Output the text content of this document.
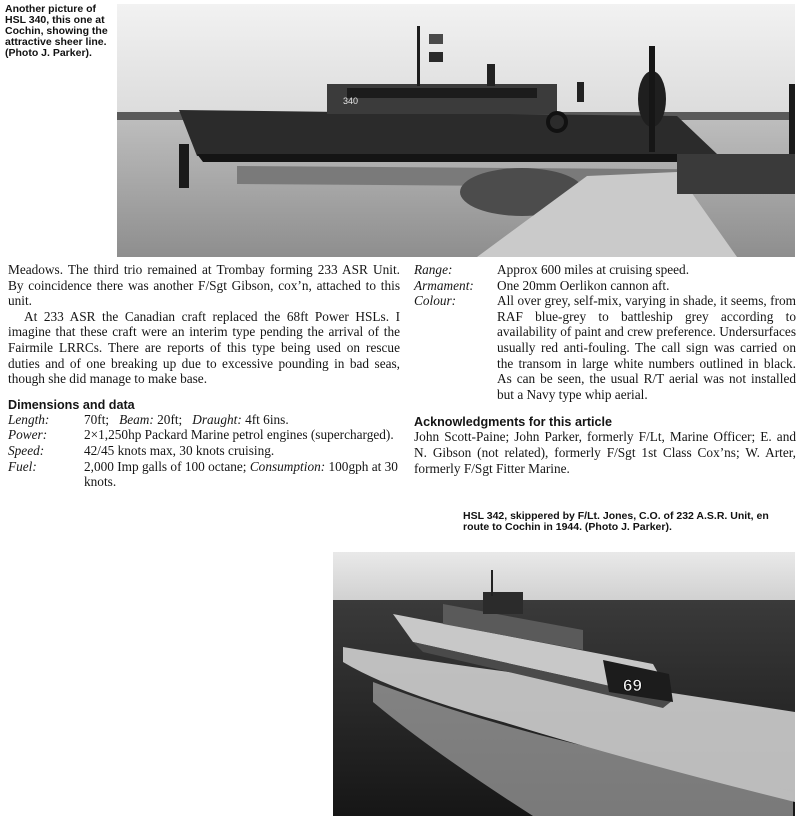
Another picture of HSL 340, this one at Cochin, showing the attractive sheer line. (Photo J. Parker).
340

Meadows. The third trio remained at Trombay forming 233 ASR Unit. By coincidence there was another F/Sgt Gibson, cox’n, attached to this unit.

At 233 ASR the Canadian craft replaced the 68ft Power HSLs. I imagine that these craft were an interim type pending the arrival of the Fairmile LRRCs. There are reports of this type being used on rescue duties and of one breaking up due to excessive pounding in bad seas, though she did manage to make base.

Dimensions and data
Length:	70ft; Beam: 20ft; Draught: 4ft 6ins.
Power:	2×1,250hp Packard Marine petrol engines (supercharged).
Speed:	42/45 knots max, 30 knots cruising.
Fuel:	2,000 Imp galls of 100 octane; Consumption: 100gph at 30 knots.
Range:	Approx 600 miles at cruising speed.
Armament:	One 20mm Oerlikon cannon aft.
Colour:	All over grey, self-mix, varying in shade, it seems, from RAF blue-grey to battleship grey according to availability of paint and crew preference. Undersurfaces usually red anti-fouling. The call sign was carried on the transom in large white numbers outlined in black. As can be seen, the usual R/T aerial was not installed but a Navy type whip aerial.
Acknowledgments for this article

John Scott-Paine; John Parker, formerly F/Lt, Marine Officer; E. and N. Gibson (not related), formerly F/Sgt 1st Class Cox’ns; W. Arter, formerly F/Sgt Fitter Marine.

HSL 342, skippered by F/Lt. Jones, C.O. of 232 A.S.R. Unit, en route to Cochin in 1944. (Photo J. Parker).
69
